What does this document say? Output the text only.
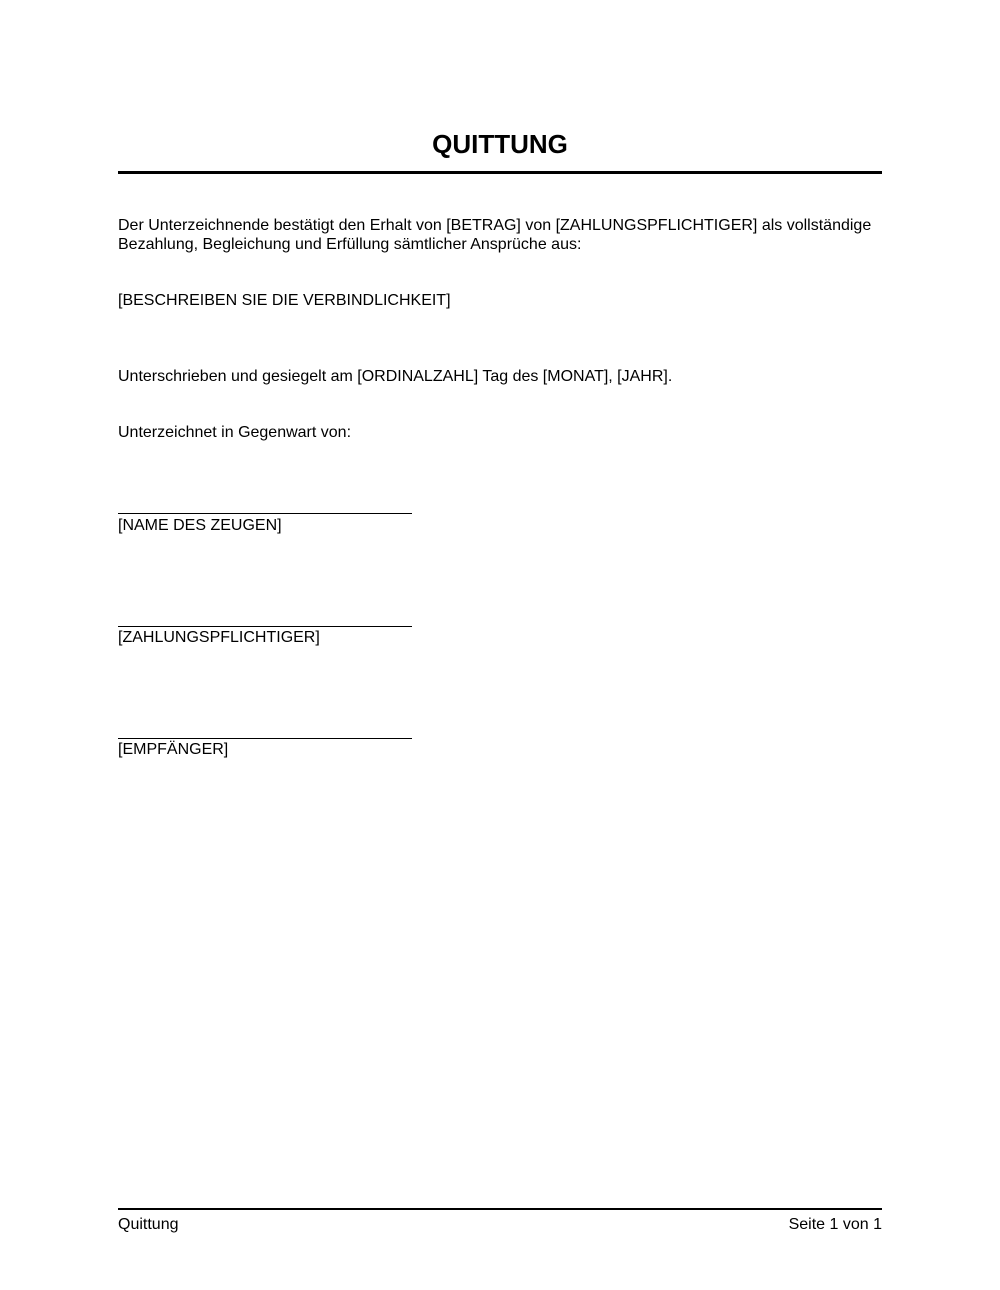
QUITTUNG

Der Unterzeichnende bestätigt den Erhalt von [BETRAG] von [ZAHLUNGSPFLICHTIGER] als vollständige Bezahlung, Begleichung und Erfüllung sämtlicher Ansprüche aus:

[BESCHREIBEN SIE DIE VERBINDLICHKEIT]

Unterschrieben und gesiegelt am [ORDINALZAHL] Tag des [MONAT], [JAHR].

Unterzeichnet in Gegenwart von:

[NAME DES ZEUGEN]

[ZAHLUNGSPFLICHTIGER]

[EMPFÄNGER]

Quittung	Seite 1 von 1
